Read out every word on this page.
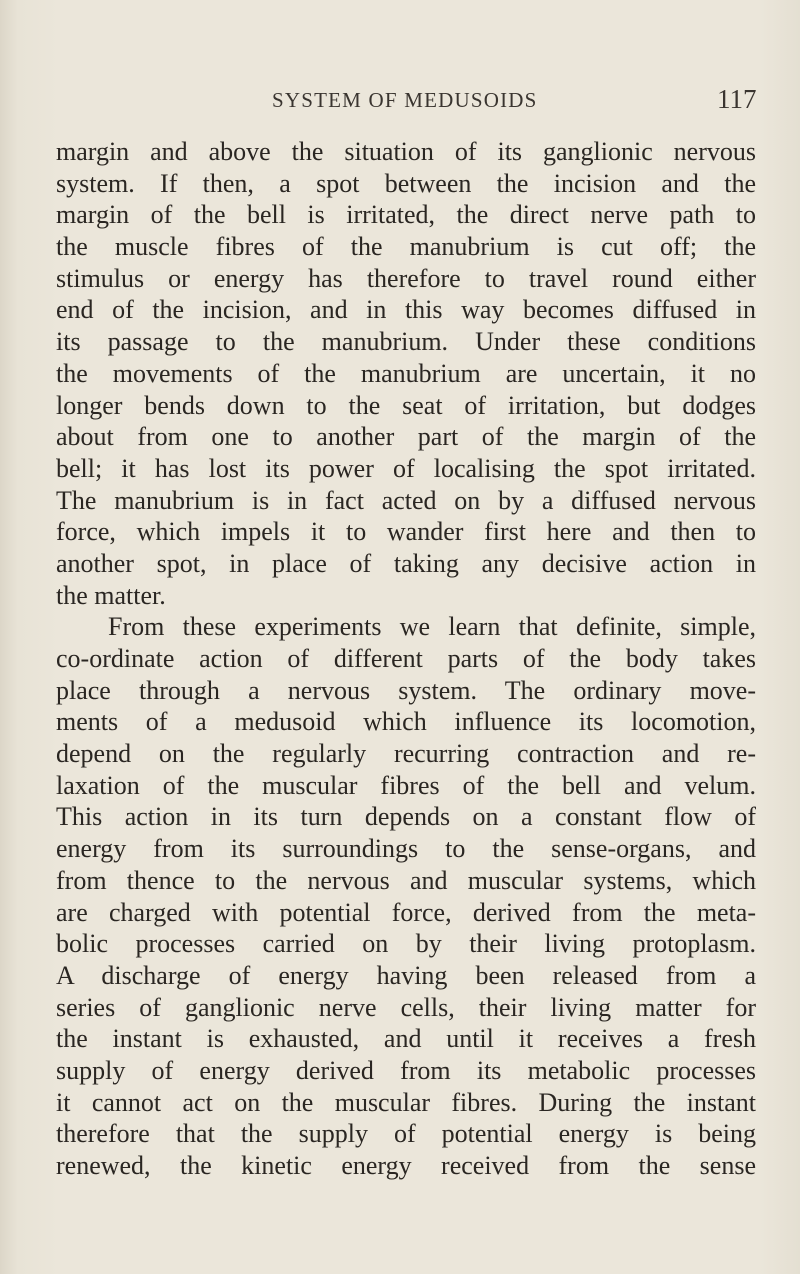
SYSTEM OF MEDUSOIDS	117
margin and above the situation of its ganglionic nervous
system. If then, a spot between the incision and the
margin of the bell is irritated, the direct nerve path to
the muscle fibres of the manubrium is cut off; the
stimulus or energy has therefore to travel round either
end of the incision, and in this way becomes diffused in
its passage to the manubrium. Under these conditions
the movements of the manubrium are uncertain, it no
longer bends down to the seat of irritation, but dodges
about from one to another part of the margin of the
bell; it has lost its power of localising the spot irritated.
The manubrium is in fact acted on by a diffused nervous
force, which impels it to wander first here and then to
another spot, in place of taking any decisive action in
the matter.
From these experiments we learn that definite, simple,
co-ordinate action of different parts of the body takes
place through a nervous system. The ordinary move-
ments of a medusoid which influence its locomotion,
depend on the regularly recurring contraction and re-
laxation of the muscular fibres of the bell and velum.
This action in its turn depends on a constant flow of
energy from its surroundings to the sense-organs, and
from thence to the nervous and muscular systems, which
are charged with potential force, derived from the meta-
bolic processes carried on by their living protoplasm.
A discharge of energy having been released from a
series of ganglionic nerve cells, their living matter for
the instant is exhausted, and until it receives a fresh
supply of energy derived from its metabolic processes
it cannot act on the muscular fibres. During the instant
therefore that the supply of potential energy is being
renewed, the kinetic energy received from the sense
